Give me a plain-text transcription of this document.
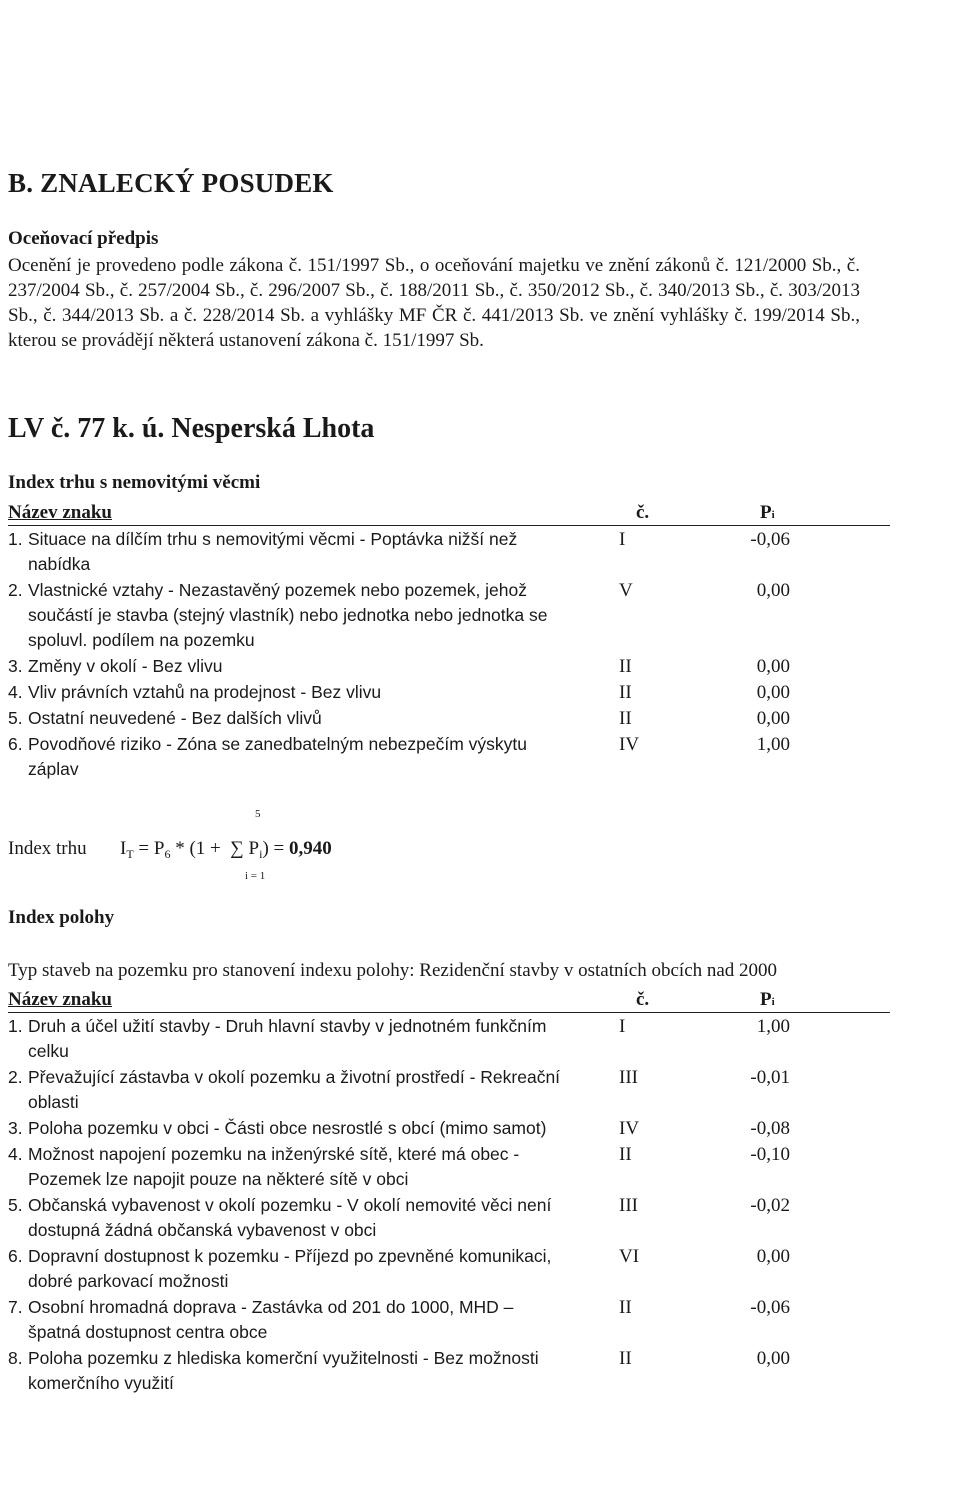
B. ZNALECKÝ POSUDEK
Oceňovací předpis
Ocenění je provedeno podle zákona č. 151/1997 Sb., o oceňování majetku ve znění zákonů č. 121/2000 Sb., č. 237/2004 Sb., č. 257/2004 Sb., č. 296/2007 Sb., č. 188/2011 Sb., č. 350/2012 Sb., č. 340/2013 Sb., č. 303/2013 Sb., č. 344/2013 Sb. a č. 228/2014 Sb. a vyhlášky MF ČR č. 441/2013 Sb. ve znění vyhlášky č. 199/2014 Sb., kterou se provádějí některá ustanovení zákona č. 151/1997 Sb.
LV č. 77 k. ú. Nesperská Lhota
Index trhu s nemovitými věcmi
Název znaku	č.	Pi
1. Situace na dílčím trhu s nemovitými věcmi - Poptávka nižší než
nabídka
I	-0,06
2. Vlastnické vztahy - Nezastavěný pozemek nebo pozemek, jehož
součástí je stavba (stejný vlastník) nebo jednotka nebo jednotka se
spoluvl. podílem na pozemku
V	0,00
3. Změny v okolí - Bez vlivu	II	0,00
4. Vliv právních vztahů na prodejnost - Bez vlivu	II	0,00
5. Ostatní neuvedené - Bez dalších vlivů	II	0,00
6. Povodňové riziko - Zóna se zanedbatelným nebezpečím výskytu
záplav
IV	1,00
Index trhu
5
$I_T = P_6 * (1$ +  ∑ $P_i) = 0,940$
i = 1
Index polohy
Typ staveb na pozemku pro stanovení indexu polohy: Rezidenční stavby v ostatních obcích nad 2000
Název znaku	č.	Pi
1. Druh a účel užití stavby - Druh hlavní stavby v jednotném funkčním
celku
I	1,00
2. Převažující zástavba v okolí pozemku a životní prostředí - Rekreační
oblasti
III	-0,01
3. Poloha pozemku v obci - Části obce nesrostlé s obcí (mimo samot)	IV	-0,08
4. Možnost napojení pozemku na inženýrské sítě, které má obec -
Pozemek lze napojit pouze na některé sítě v obci
II	-0,10
5. Občanská vybavenost v okolí pozemku - V okolí nemovité věci není
dostupná žádná občanská vybavenost v obci
III	-0,02
6. Dopravní dostupnost k pozemku - Příjezd po zpevněné komunikaci,
dobré parkovací možnosti
VI	0,00
7. Osobní hromadná doprava - Zastávka od 201 do 1000, MHD –
špatná dostupnost centra obce
II	-0,06
8. Poloha pozemku z hlediska komerční využitelnosti - Bez možnosti
komerčního využití
II	0,00
